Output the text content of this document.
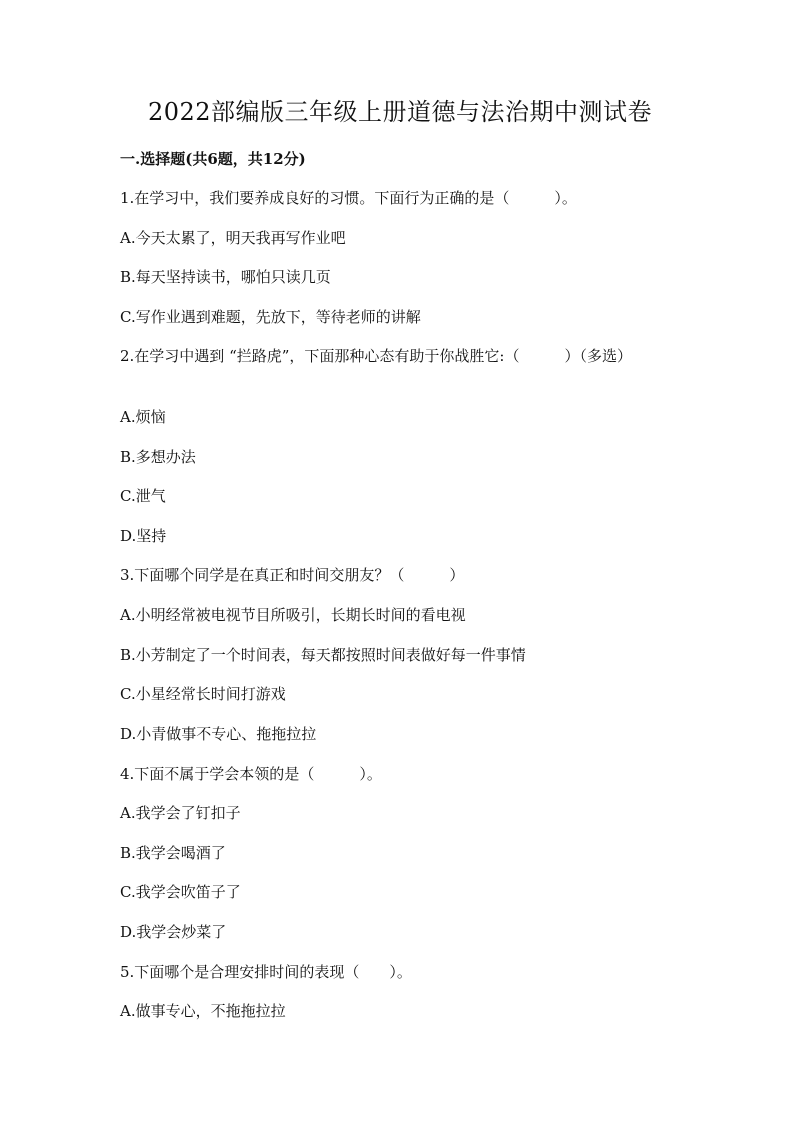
2022部编版三年级上册道德与法治期中测试卷
一.选择题(共6题，共12分)
1.在学习中，我们要养成良好的习惯。下面行为正确的是（　　　）。
A.今天太累了，明天我再写作业吧
B.每天坚持读书，哪怕只读几页
C.写作业遇到难题，先放下，等待老师的讲解
2.在学习中遇到 “拦路虎”，下面那种心态有助于你战胜它:（　　　）（多选）
A.烦恼
B.多想办法
C.泄气
D.坚持
3.下面哪个同学是在真正和时间交朋友？（　　　）
A.小明经常被电视节目所吸引，长期长时间的看电视
B.小芳制定了一个时间表，每天都按照时间表做好每一件事情
C.小星经常长时间打游戏
D.小青做事不专心、拖拖拉拉
4.下面不属于学会本领的是（　　　）。
A.我学会了钉扣子
B.我学会喝酒了
C.我学会吹笛子了
D.我学会炒菜了
5.下面哪个是合理安排时间的表现（　　）。
A.做事专心，不拖拖拉拉
